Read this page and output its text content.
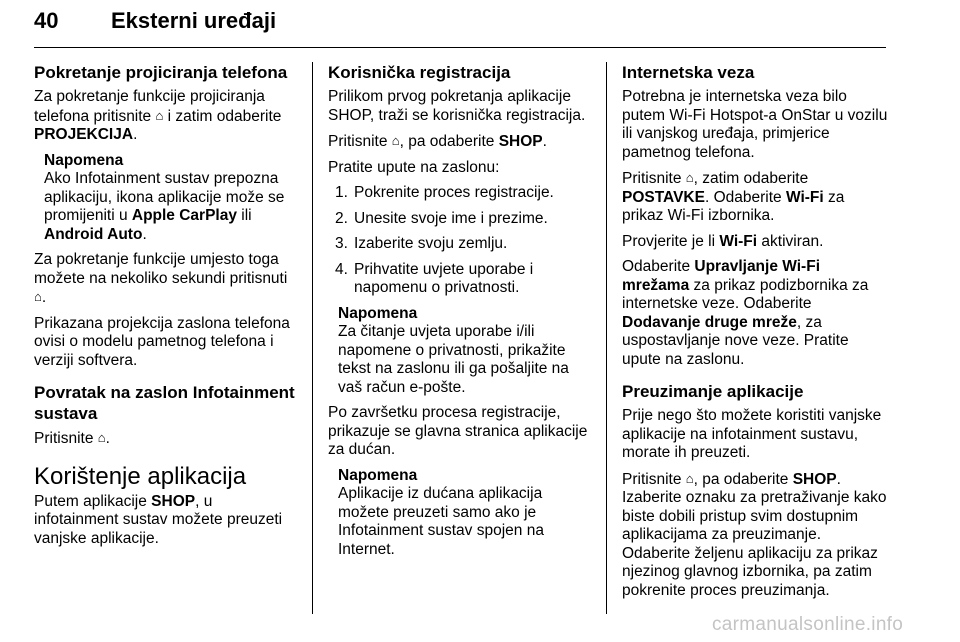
40 Eksterni uređaji
Pokretanje projiciranja telefona

Za pokretanje funkcije projiciranja telefona pritisnite ⌂ i zatim odaberite PROJEKCIJA.

Napomena
Ako Infotainment sustav prepozna aplikaciju, ikona aplikacije može se promijeniti u Apple CarPlay ili Android Auto.

Za pokretanje funkcije umjesto toga možete na nekoliko sekundi pritisnuti ⌂.

Prikazana projekcija zaslona telefona ovisi o modelu pametnog telefona i verziji softvera.

Povratak na zaslon Infotainment sustava

Pritisnite ⌂.

Korištenje aplikacija

Putem aplikacije SHOP, u infotainment sustav možete preuzeti vanjske aplikacije.

Korisnička registracija

Prilikom prvog pokretanja aplikacije SHOP, traži se korisnička registracija.

Pritisnite ⌂, pa odaberite SHOP.

Pratite upute na zaslonu:

1. Pokrenite proces registracije.
2. Unesite svoje ime i prezime.
3. Izaberite svoju zemlju.
4. Prihvatite uvjete uporabe i napomenu o privatnosti.
Napomena
Za čitanje uvjeta uporabe i/ili napomene o privatnosti, prikažite tekst na zaslonu ili ga pošaljite na vaš račun e-pošte.

Po završetku procesa registracije, prikazuje se glavna stranica aplikacije za dućan.

Napomena
Aplikacije iz dućana aplikacija možete preuzeti samo ako je Infotainment sustav spojen na Internet.
Internetska veza

Potrebna je internetska veza bilo putem Wi-Fi Hotspot-a OnStar u vozilu ili vanjskog uređaja, primjerice pametnog telefona.

Pritisnite ⌂, zatim odaberite POSTAVKE. Odaberite Wi-Fi za prikaz Wi-Fi izbornika.

Provjerite je li Wi-Fi aktiviran.

Odaberite Upravljanje Wi-Fi mrežama za prikaz podizbornika za internetske veze. Odaberite Dodavanje druge mreže, za uspostavljanje nove veze. Pratite upute na zaslonu.

Preuzimanje aplikacije

Prije nego što možete koristiti vanjske aplikacije na infotainment sustavu, morate ih preuzeti.

Pritisnite ⌂, pa odaberite SHOP. Izaberite oznaku za pretraživanje kako biste dobili pristup svim dostupnim aplikacijama za preuzimanje. Odaberite željenu aplikaciju za prikaz njezinog glavnog izbornika, pa zatim pokrenite proces preuzimanja.

carmanualsonline.info
